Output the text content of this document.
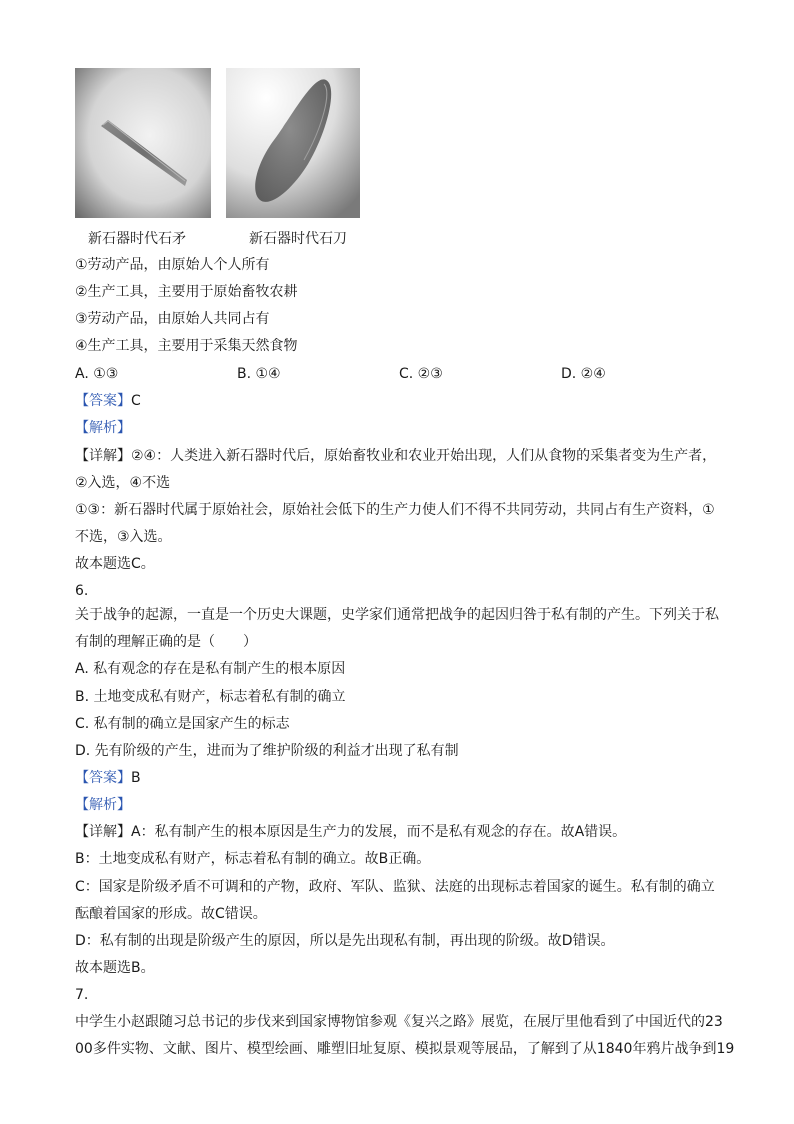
新石器时代石矛	新石器时代石刀
①劳动产品，由原始人个人所有
②生产工具，主要用于原始畜牧农耕
③劳动产品，由原始人共同占有
④生产工具，主要用于采集天然食物
A. ①③	B. ①④	C. ②③	D. ②④
【答案】C
【解析】
【详解】②④：人类进入新石器时代后，原始畜牧业和农业开始出现，人们从食物的采集者变为生产者，
②入选，④不选
①③：新石器时代属于原始社会，原始社会低下的生产力使人们不得不共同劳动，共同占有生产资料，①
不选，③入选。
故本题选C。
6.
关于战争的起源，一直是一个历史大课题，史学家们通常把战争的起因归咎于私有制的产生。下列关于私
有制的理解正确的是（　　）
A. 私有观念的存在是私有制产生的根本原因
B. 土地变成私有财产，标志着私有制的确立
C. 私有制的确立是国家产生的标志
D. 先有阶级的产生，进而为了维护阶级的利益才出现了私有制
【答案】B
【解析】
【详解】A：私有制产生的根本原因是生产力的发展，而不是私有观念的存在。故A错误。
B：土地变成私有财产，标志着私有制的确立。故B正确。
C：国家是阶级矛盾不可调和的产物，政府、军队、监狱、法庭的出现标志着国家的诞生。私有制的确立
酝酿着国家的形成。故C错误。
D：私有制的出现是阶级产生的原因，所以是先出现私有制，再出现的阶级。故D错误。
故本题选B。
7.
中学生小赵跟随习总书记的步伐来到国家博物馆参观《复兴之路》展览，在展厅里他看到了中国近代的23
00多件实物、文献、图片、模型绘画、雕塑旧址复原、模拟景观等展品，了解到了从1840年鸦片战争到19
